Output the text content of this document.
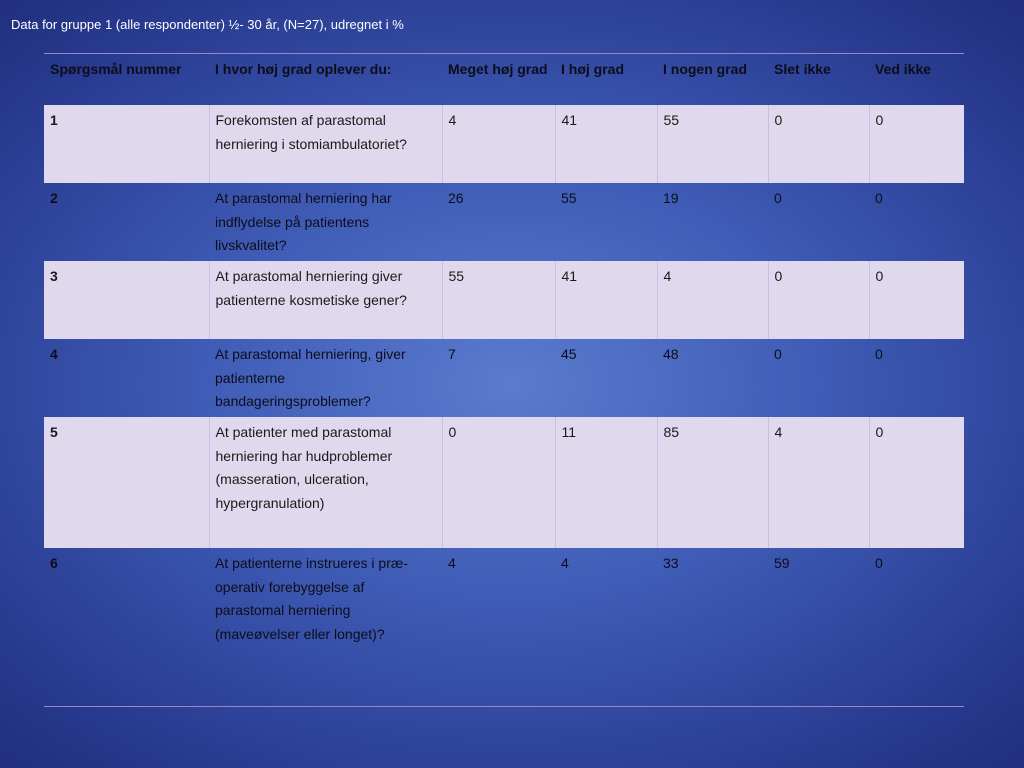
Data for gruppe 1 (alle respondenter) ½- 30 år, (N=27), udregnet i %
Spørgsmål nummer	I hvor høj grad oplever du:	Meget høj grad	I høj grad	I nogen grad	Slet ikke	Ved ikke
1	Forekomsten af parastomal herniering i stomiambulatoriet?	4	41	55	0	0
2	At parastomal herniering har indflydelse på patientens livskvalitet?	26	55	19	0	0
3	At parastomal herniering giver patienterne kosmetiske gener?	55	41	4	0	0
4	At parastomal herniering, giver patienterne bandageringsproblemer?	7	45	48	0	0
5	At patienter med parastomal herniering har hudproblemer (masseration, ulceration, hypergranulation)	0	11	85	4	0
6	At patienterne instrueres i præ-operativ forebyggelse af parastomal herniering (maveøvelser eller longet)?	4	4	33	59	0
